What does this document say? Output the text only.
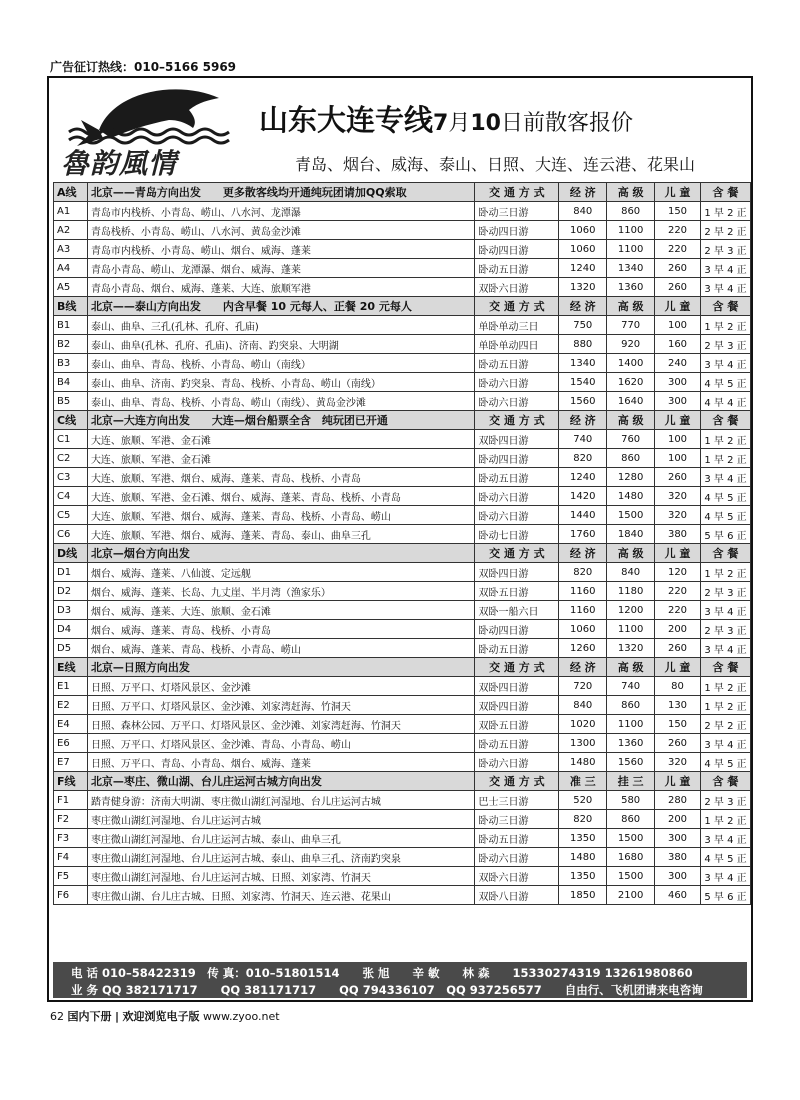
广告征订热线：010–5166 5969
魯韵風情
山东大连专线7月10日前散客报价
青岛、烟台、威海、泰山、日照、大连、连云港、花果山
A线	北京——青岛方向出发　　更多散客线均开通纯玩团请加QQ索取	交 通 方 式	经 济	高 级	儿 童	含 餐
A1	青岛市内栈桥、小青岛、崂山、八水河、龙潭瀑	卧动三日游	840	860	150	1 早 2 正
A2	青岛栈桥、小青岛、崂山、八水河、黄岛金沙滩	卧动四日游	1060	1100	220	2 早 2 正
A3	青岛市内栈桥、小青岛、崂山、烟台、威海、蓬莱	卧动四日游	1060	1100	220	2 早 3 正
A4	青岛小青岛、崂山、龙潭瀑、烟台、威海、蓬莱	卧动五日游	1240	1340	260	3 早 4 正
A5	青岛小青岛、烟台、威海、蓬莱、大连、旅顺军港	双卧六日游	1320	1360	260	3 早 4 正
B线	北京——泰山方向出发　　内含早餐 10 元每人、正餐 20 元每人	交 通 方 式	经 济	高 级	儿 童	含 餐
B1	泰山、曲阜、三孔(孔林、孔府、孔庙)	单卧单动三日	750	770	100	1 早 2 正
B2	泰山、曲阜(孔林、孔府、孔庙)、济南、趵突泉、大明湖	单卧单动四日	880	920	160	2 早 3 正
B3	泰山、曲阜、青岛、栈桥、小青岛、崂山（南线）	卧动五日游	1340	1400	240	3 早 4 正
B4	泰山、曲阜、济南、趵突泉、青岛、栈桥、小青岛、崂山（南线）	卧动六日游	1540	1620	300	4 早 5 正
B5	泰山、曲阜、青岛、栈桥、小青岛、崂山（南线）、黄岛金沙滩	卧动六日游	1560	1640	300	4 早 4 正
C线	北京—大连方向出发　　大连—烟台船票全含　纯玩团已开通	交 通 方 式	经 济	高 级	儿 童	含 餐
C1	大连、旅顺、军港、金石滩	双卧四日游	740	760	100	1 早 2 正
C2	大连、旅顺、军港、金石滩	卧动四日游	820	860	100	1 早 2 正
C3	大连、旅顺、军港、烟台、威海、蓬莱、青岛、栈桥、小青岛	卧动五日游	1240	1280	260	3 早 4 正
C4	大连、旅顺、军港、金石滩、烟台、威海、蓬莱、青岛、栈桥、小青岛	卧动六日游	1420	1480	320	4 早 5 正
C5	大连、旅顺、军港、烟台、威海、蓬莱、青岛、栈桥、小青岛、崂山	卧动六日游	1440	1500	320	4 早 5 正
C6	大连、旅顺、军港、烟台、威海、蓬莱、青岛、泰山、曲阜三孔	卧动七日游	1760	1840	380	5 早 6 正
D线	北京—烟台方向出发	交 通 方 式	经 济	高 级	儿 童	含 餐
D1	烟台、威海、蓬莱、八仙渡、定远舰	双卧四日游	820	840	120	1 早 2 正
D2	烟台、威海、蓬莱、长岛、九丈崖、半月湾（渔家乐）	双卧五日游	1160	1180	220	2 早 3 正
D3	烟台、威海、蓬莱、大连、旅顺、金石滩	双卧一船六日	1160	1200	220	3 早 4 正
D4	烟台、威海、蓬莱、青岛、栈桥、小青岛	卧动四日游	1060	1100	200	2 早 3 正
D5	烟台、威海、蓬莱、青岛、栈桥、小青岛、崂山	卧动五日游	1260	1320	260	3 早 4 正
E线	北京—日照方向出发	交 通 方 式	经 济	高 级	儿 童	含 餐
E1	日照、万平口、灯塔风景区、金沙滩	双卧四日游	720	740	80	1 早 2 正
E2	日照、万平口、灯塔风景区、金沙滩、刘家湾赶海、竹洞天	双卧四日游	840	860	130	1 早 2 正
E4	日照、森林公园、万平口、灯塔风景区、金沙滩、刘家湾赶海、竹洞天	双卧五日游	1020	1100	150	2 早 2 正
E6	日照、万平口、灯塔风景区、金沙滩、青岛、小青岛、崂山	卧动五日游	1300	1360	260	3 早 4 正
E7	日照、万平口、青岛、小青岛、烟台、威海、蓬莱	卧动六日游	1480	1560	320	4 早 5 正
F线	北京—枣庄、微山湖、台儿庄运河古城方向出发	交 通 方 式	准 三	挂 三	儿 童	含 餐
F1	踏青健身游：济南大明湖、枣庄微山湖红河湿地、台儿庄运河古城	巴士三日游	520	580	280	2 早 3 正
F2	枣庄微山湖红河湿地、台儿庄运河古城	卧动三日游	820	860	200	1 早 2 正
F3	枣庄微山湖红河湿地、台儿庄运河古城、泰山、曲阜三孔	卧动五日游	1350	1500	300	3 早 4 正
F4	枣庄微山湖红河湿地、台儿庄运河古城、泰山、曲阜三孔、济南趵突泉	卧动六日游	1480	1680	380	4 早 5 正
F5	枣庄微山湖红河湿地、台儿庄运河古城、日照、刘家湾、竹洞天	双卧六日游	1350	1500	300	3 早 4 正
F6	枣庄微山湖、台儿庄古城、日照、刘家湾、竹洞天、连云港、花果山	双卧八日游	1850	2100	460	5 早 6 正
电 话 010–58422319　传 真：010–51801514　　张 旭　　辛 敏　　林 森　　15330274319 13261980860
业 务 QQ 382171717　　QQ 381171717　　QQ 794336107　QQ 937256577　　自由行、飞机团请来电咨询
62 国内下册 | 欢迎浏览电子版 www.zyoo.net
